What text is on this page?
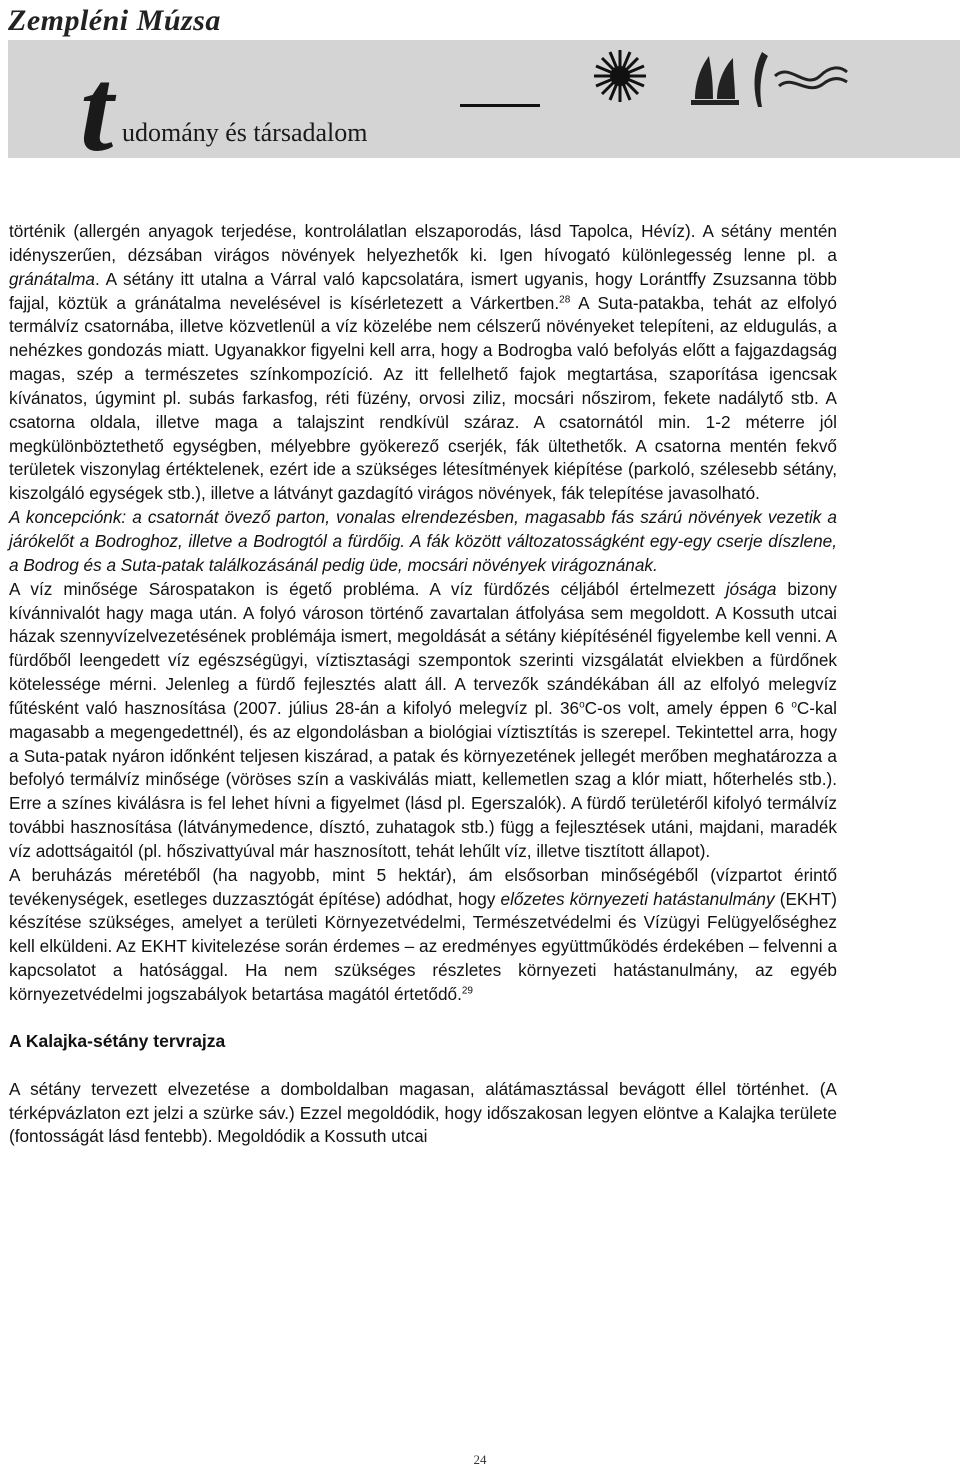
Zempléni Múzsa
t udomány és társadalom

történik (allergén anyagok terjedése, kontrolálatlan elszaporodás, lásd Tapolca, Hévíz). A sétány mentén idényszerűen, dézsában virágos növények helyezhetők ki. Igen hívogató különlegesség lenne pl. a gránátalma. A sétány itt utalna a Várral való kapcsolatára, ismert ugyanis, hogy Lorántffy Zsuzsanna több fajjal, köztük a gránátalma nevelésével is kísérletezett a Várkertben.$^{28}$ A Suta-patakba, tehát az elfolyó termálvíz csatornába, illetve közvetlenül a víz közelébe nem célszerű növényeket telepíteni, az eldugulás, a nehézkes gondozás miatt. Ugyanakkor figyelni kell arra, hogy a Bodrogba való befolyás előtt a fajgazdagság magas, szép a természetes színkompozíció. Az itt fellelhető fajok megtartása, szaporítása igencsak kívánatos, úgymint pl. subás farkasfog, réti füzény, orvosi ziliz, mocsári nőszirom, fekete nadálytő stb. A csatorna oldala, illetve maga a talajszint rendkívül száraz. A csatornától min. 1-2 méterre jól megkülönböztethető egységben, mélyebbre gyökerező cserjék, fák ültethetők. A csatorna mentén fekvő területek viszonylag értéktelenek, ezért ide a szükséges létesítmények kiépítése (parkoló, szélesebb sétány, kiszolgáló egységek stb.), illetve a látványt gazdagító virágos növények, fák telepítése javasolható.

A koncepciónk: a csatornát övező parton, vonalas elrendezésben, magasabb fás szárú növények vezetik a járókelőt a Bodroghoz, illetve a Bodrogtól a fürdőig. A fák között változatosságként egy-egy cserje díszlene, a Bodrog és a Suta-patak találkozásánál pedig üde, mocsári növények virágoznának.

A víz minősége Sárospatakon is égető probléma. A víz fürdőzés céljából értelmezett jósága bizony kívánnivalót hagy maga után. A folyó városon történő zavartalan átfolyása sem megoldott. A Kossuth utcai házak szennyvízelvezetésének problémája ismert, megoldását a sétány kiépítésénél figyelembe kell venni. A fürdőből leengedett víz egészségügyi, víztisztasági szempontok szerinti vizsgálatát elviekben a fürdőnek kötelessége mérni. Jelenleg a fürdő fejlesztés alatt áll. A tervezők szándékában áll az elfolyó melegvíz fűtésként való hasznosítása (2007. július 28-án a kifolyó melegvíz pl. 36$^o$C-os volt, amely éppen 6 $^o$C-kal magasabb a megengedettnél), és az elgondolásban a biológiai víztisztítás is szerepel. Tekintettel arra, hogy a Suta-patak nyáron időnként teljesen kiszárad, a patak és környezetének jellegét merőben meghatározza a befolyó termálvíz minősége (vöröses szín a vaskiválás miatt, kellemetlen szag a klór miatt, hőterhelés stb.). Erre a színes kiválásra is fel lehet hívni a figyelmet (lásd pl. Egerszalók). A fürdő területéről kifolyó termálvíz további hasznosítása (látványmedence, dísztó, zuhatagok stb.) függ a fejlesztések utáni, majdani, maradék víz adottságaitól (pl. hőszivattyúval már hasznosított, tehát lehűlt víz, illetve tisztított állapot).

A beruházás méretéből (ha nagyobb, mint 5 hektár), ám elsősorban minőségéből (vízpartot érintő tevékenységek, esetleges duzzasztógát építése) adódhat, hogy előzetes környezeti hatástanulmány (EKHT) készítése szükséges, amelyet a területi Környezetvédelmi, Természetvédelmi és Vízügyi Felügyelőséghez kell elküldeni. Az EKHT kivitelezése során érdemes – az eredményes együttműködés érdekében – felvenni a kapcsolatot a hatósággal. Ha nem szükséges részletes környezeti hatástanulmány, az egyéb környezetvédelmi jogszabályok betartása magától értetődő.$^{29}$

A Kalajka-sétány tervrajza

A sétány tervezett elvezetése a domboldalban magasan, alátámasztással bevágott éllel történhet. (A térképvázlaton ezt jelzi a szürke sáv.) Ezzel megoldódik, hogy időszakosan legyen elöntve a Kalajka területe (fontosságát lásd fentebb). Megoldódik a Kossuth utcai

24
